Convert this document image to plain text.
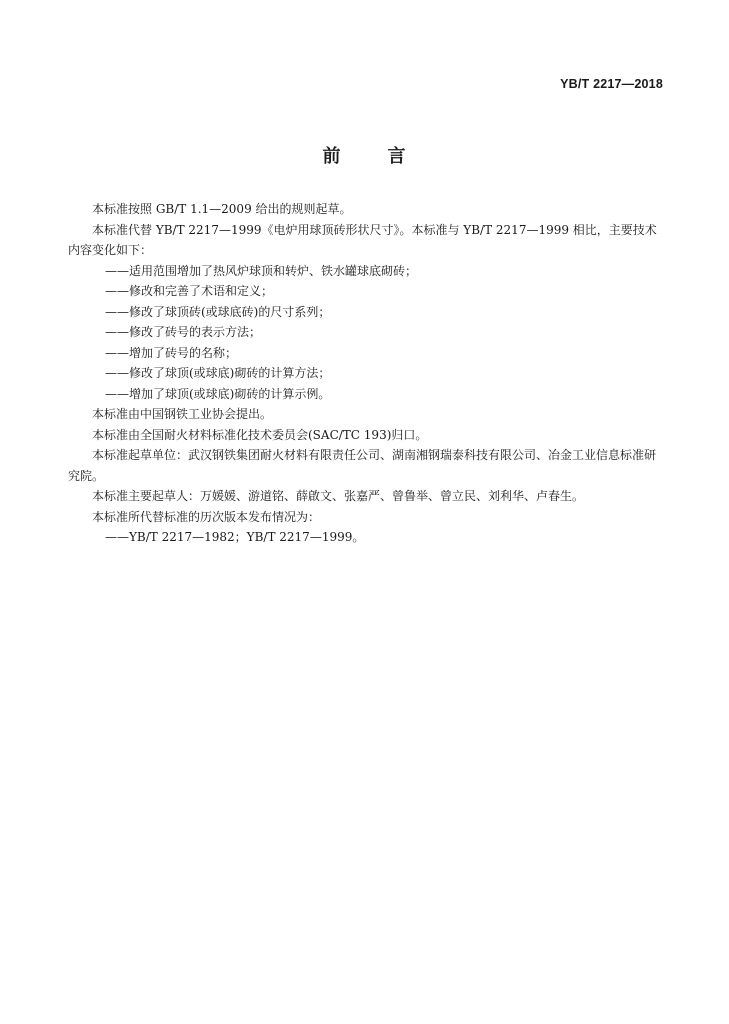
YB/T 2217—2018
前	言

本标准按照 GB/T 1.1—2009 给出的规则起草。

本标准代替 YB/T 2217—1999《电炉用球顶砖形状尺寸》。本标准与 YB/T 2217—1999 相比，主要技术内容变化如下：

——适用范围增加了热风炉球顶和转炉、铁水罐球底砌砖；

——修改和完善了术语和定义；

——修改了球顶砖(或球底砖)的尺寸系列；

——修改了砖号的表示方法；

——增加了砖号的名称；

——修改了球顶(或球底)砌砖的计算方法；

——增加了球顶(或球底)砌砖的计算示例。

本标准由中国钢铁工业协会提出。

本标准由全国耐火材料标准化技术委员会(SAC/TC 193)归口。

本标准起草单位：武汉钢铁集团耐火材料有限责任公司、湖南湘钢瑞泰科技有限公司、冶金工业信息标准研究院。

本标准主要起草人：万媛媛、游道铭、薛啟文、张嘉严、曾鲁举、曾立民、刘利华、卢春生。

本标准所代替标准的历次版本发布情况为：

——YB/T 2217—1982；YB/T 2217—1999。
